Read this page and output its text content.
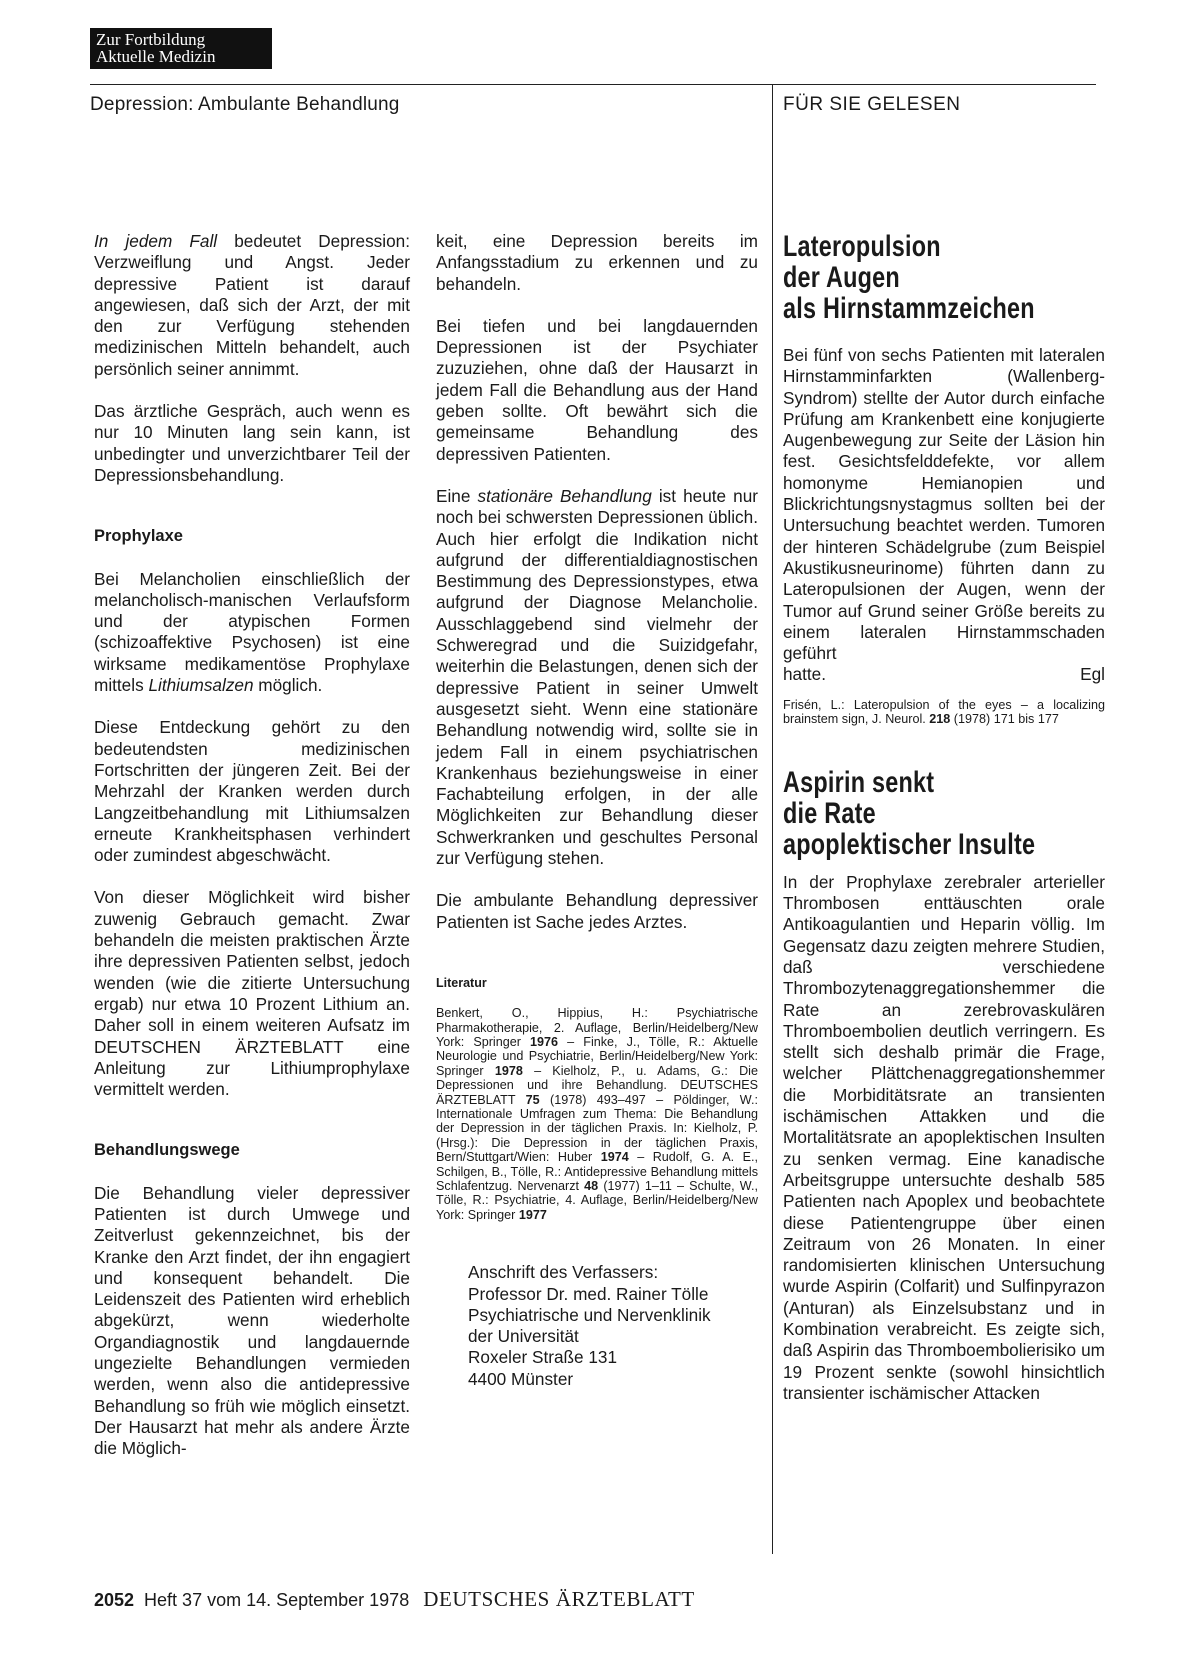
Zur Fortbildung
Aktuelle Medizin
Depression: Ambulante Behandlung	FÜR SIE GELESEN

In jedem Fall bedeutet Depression: Verzweiflung und Angst. Jeder depressive Patient ist darauf angewiesen, daß sich der Arzt, der mit den zur Verfügung stehenden medizinischen Mitteln behandelt, auch persönlich seiner annimmt.

Das ärztliche Gespräch, auch wenn es nur 10 Minuten lang sein kann, ist unbedingter und unverzichtbarer Teil der Depressionsbehandlung.

Prophylaxe

Bei Melancholien einschließlich der melancholisch-manischen Verlaufsform und der atypischen Formen (schizoaffektive Psychosen) ist eine wirksame medikamentöse Prophylaxe mittels Lithiumsalzen möglich.

Diese Entdeckung gehört zu den bedeutendsten medizinischen Fortschritten der jüngeren Zeit. Bei der Mehrzahl der Kranken werden durch Langzeitbehandlung mit Lithiumsalzen erneute Krankheitsphasen verhindert oder zumindest abgeschwächt.

Von dieser Möglichkeit wird bisher zuwenig Gebrauch gemacht. Zwar behandeln die meisten praktischen Ärzte ihre depressiven Patienten selbst, jedoch wenden (wie die zitierte Untersuchung ergab) nur etwa 10 Prozent Lithium an. Daher soll in einem weiteren Aufsatz im DEUTSCHEN ÄRZTEBLATT eine Anleitung zur Lithiumprophylaxe vermittelt werden.

Behandlungswege

Die Behandlung vieler depressiver Patienten ist durch Umwege und Zeitverlust gekennzeichnet, bis der Kranke den Arzt findet, der ihn engagiert und konsequent behandelt. Die Leidenszeit des Patienten wird erheblich abgekürzt, wenn wiederholte Organdiagnostik und langdauernde ungezielte Behandlungen vermieden werden, wenn also die antidepressive Behandlung so früh wie möglich einsetzt. Der Hausarzt hat mehr als andere Ärzte die Möglich-

keit, eine Depression bereits im Anfangsstadium zu erkennen und zu behandeln.

Bei tiefen und bei langdauernden Depressionen ist der Psychiater zuzuziehen, ohne daß der Hausarzt in jedem Fall die Behandlung aus der Hand geben sollte. Oft bewährt sich die gemeinsame Behandlung des depressiven Patienten.

Eine stationäre Behandlung ist heute nur noch bei schwersten Depressionen üblich. Auch hier erfolgt die Indikation nicht aufgrund der differentialdiagnostischen Bestimmung des Depressionstypes, etwa aufgrund der Diagnose Melancholie. Ausschlaggebend sind vielmehr der Schweregrad und die Suizidgefahr, weiterhin die Belastungen, denen sich der depressive Patient in seiner Umwelt ausgesetzt sieht. Wenn eine stationäre Behandlung notwendig wird, sollte sie in jedem Fall in einem psychiatrischen Krankenhaus beziehungsweise in einer Fachabteilung erfolgen, in der alle Möglichkeiten zur Behandlung dieser Schwerkranken und geschultes Personal zur Verfügung stehen.

Die ambulante Behandlung depressiver Patienten ist Sache jedes Arztes.

Literatur

Benkert, O., Hippius, H.: Psychiatrische Pharmakotherapie, 2. Auflage, Berlin/Heidelberg/New York: Springer 1976 – Finke, J., Tölle, R.: Aktuelle Neurologie und Psychiatrie, Berlin/Heidelberg/New York: Springer 1978 – Kielholz, P., u. Adams, G.: Die Depressionen und ihre Behandlung. DEUTSCHES ÄRZTEBLATT 75 (1978) 493–497 – Pöldinger, W.: Internationale Umfragen zum Thema: Die Behandlung der Depression in der täglichen Praxis. In: Kielholz, P. (Hrsg.): Die Depression in der täglichen Praxis, Bern/Stuttgart/Wien: Huber 1974 – Rudolf, G. A. E., Schilgen, B., Tölle, R.: Antidepressive Behandlung mittels Schlafentzug. Nervenarzt 48 (1977) 1–11 – Schulte, W., Tölle, R.: Psychiatrie, 4. Auflage, Berlin/Heidelberg/New York: Springer 1977

Anschrift des Verfassers:
Professor Dr. med. Rainer Tölle
Psychiatrische und Nervenklinik
der Universität
Roxeler Straße 131
4400 Münster
Lateropulsion
der Augen
als Hirnstammzeichen

Bei fünf von sechs Patienten mit lateralen Hirnstamminfarkten (Wallenberg-Syndrom) stellte der Autor durch einfache Prüfung am Krankenbett eine konjugierte Augenbewegung zur Seite der Läsion hin fest. Gesichtsfelddefekte, vor allem homonyme Hemianopien und Blickrichtungsnystagmus sollten bei der Untersuchung beachtet werden. Tumoren der hinteren Schädelgrube (zum Beispiel Akustikusneurinome) führten dann zu Lateropulsionen der Augen, wenn der Tumor auf Grund seiner Größe bereits zu einem lateralen Hirnstammschaden geführt

hatte.	Egl

Frisén, L.: Lateropulsion of the eyes – a localizing brainstem sign, J. Neurol. 218 (1978) 171 bis 177

Aspirin senkt
die Rate
apoplektischer Insulte

In der Prophylaxe zerebraler arterieller Thrombosen enttäuschten orale Antikoagulantien und Heparin völlig. Im Gegensatz dazu zeigten mehrere Studien, daß verschiedene Thrombozytenaggregationshemmer die Rate an zerebrovaskulären Thromboembolien deutlich verringern. Es stellt sich deshalb primär die Frage, welcher Plättchenaggregationshemmer die Morbiditätsrate an transienten ischämischen Attakken und die Mortalitätsrate an apoplektischen Insulten zu senken vermag. Eine kanadische Arbeitsgruppe untersuchte deshalb 585 Patienten nach Apoplex und beobachtete diese Patientengruppe über einen Zeitraum von 26 Monaten. In einer randomisierten klinischen Untersuchung wurde Aspirin (Colfarit) und Sulfinpyrazon (Anturan) als Einzelsubstanz und in Kombination verabreicht. Es zeigte sich, daß Aspirin das Thromboembolierisiko um 19 Prozent senkte (sowohl hinsichtlich transienter ischämischer Attacken

2052 Heft 37 vom 14. September 1978 DEUTSCHES ÄRZTEBLATT
